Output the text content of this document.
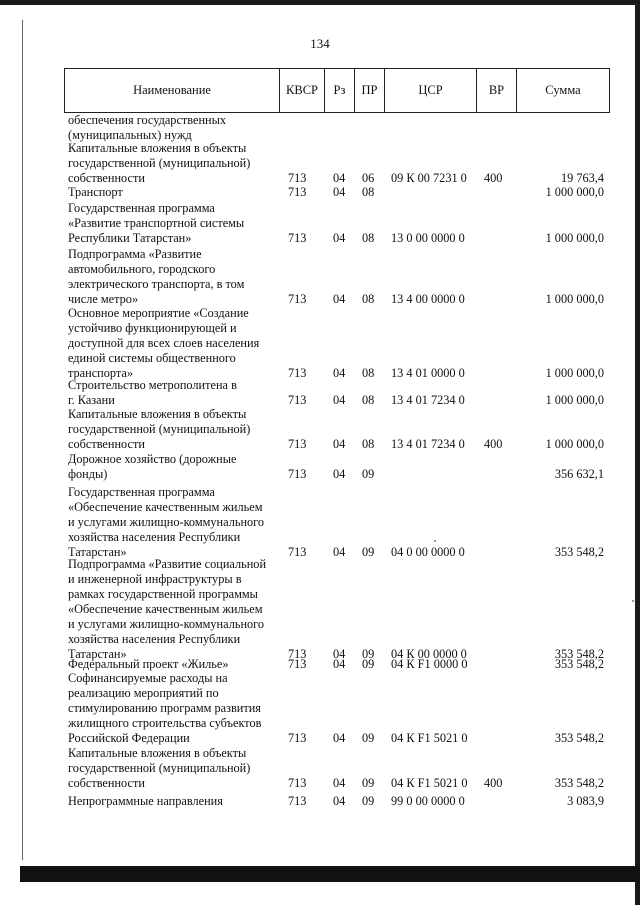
134
Наименование	КВСР	Рз	ПР	ЦСР	ВР	Сумма
обеспечения государственных
(муниципальных) нужд
Капитальные вложения в объекты
государственной (муниципальной)
собственности	713 04 06 09 К 00 7231 0 400	19 763,4
Транспорт	713 04 08	1 000 000,0
Государственная программа
«Развитие транспортной системы
Республики Татарстан»	713 04 08 13 0 00 0000 0	1 000 000,0
Подпрограмма «Развитие
автомобильного, городского
электрического транспорта, в том
числе метро»	713 04 08 13 4 00 0000 0	1 000 000,0
Основное мероприятие «Создание
устойчиво функционирующей и
доступной для всех слоев населения
единой системы общественного
транспорта»	713 04 08 13 4 01 0000 0	1 000 000,0
Строительство метрополитена в
г. Казани	713 04 08 13 4 01 7234 0	1 000 000,0
Капитальные вложения в объекты
государственной (муниципальной)
собственности	713 04 08 13 4 01 7234 0 400	1 000 000,0
Дорожное хозяйство (дорожные
фонды)	713 04 09	356 632,1
Государственная программа
«Обеспечение качественным жильем
и услугами жилищно-коммунального
хозяйства населения Республики
Татарстан»	713 04 09 04 0 00 0000 0	353 548,2
Подпрограмма «Развитие социальной
и инженерной инфраструктуры в
рамках государственной программы
«Обеспечение качественным жильем
и услугами жилищно-коммунального
хозяйства населения Республики
Татарстан»	713 04 09 04 К 00 0000 0	353 548,2
Федеральный проект «Жилье»	713 04 09 04 К F1 0000 0	353 548,2
Софинансируемые расходы на
реализацию мероприятий по
стимулированию программ развития
жилищного строительства субъектов
Российской Федерации	713 04 09 04 К F1 5021 0	353 548,2
Капитальные вложения в объекты
государственной (муниципальной)
собственности	713 04 09 04 К F1 5021 0 400	353 548,2
Непрограммные направления	713 04 09 99 0 00 0000 0	3 083,9
